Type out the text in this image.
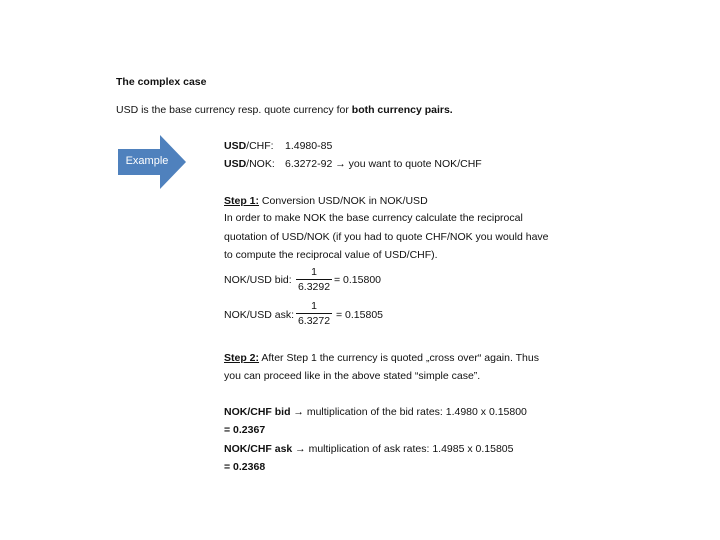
The complex case
USD is the base currency resp. quote currency for both currency pairs.
Example
USD/CHF: 1.4980-85
USD/NOK: 6.3272-92 → you want to quote NOK/CHF
Step 1: Conversion USD/NOK in NOK/USD
In order to make NOK the base currency calculate the reciprocal
quotation of USD/NOK (if you had to quote CHF/NOK you would have
to compute the reciprocal value of USD/CHF).
NOK/USD bid:
1
6.3292
= 0.15800
NOK/USD ask:
1
6.3272 = 0.15805
Step 2: After Step 1 the currency is quoted „cross over“ again. Thus
you can proceed like in the above stated “simple case”.
NOK/CHF bid → multiplication of the bid rates: 1.4980 x 0.15800
= 0.2367
NOK/CHF ask → multiplication of ask rates: 1.4985 x 0.15805
= 0.2368
